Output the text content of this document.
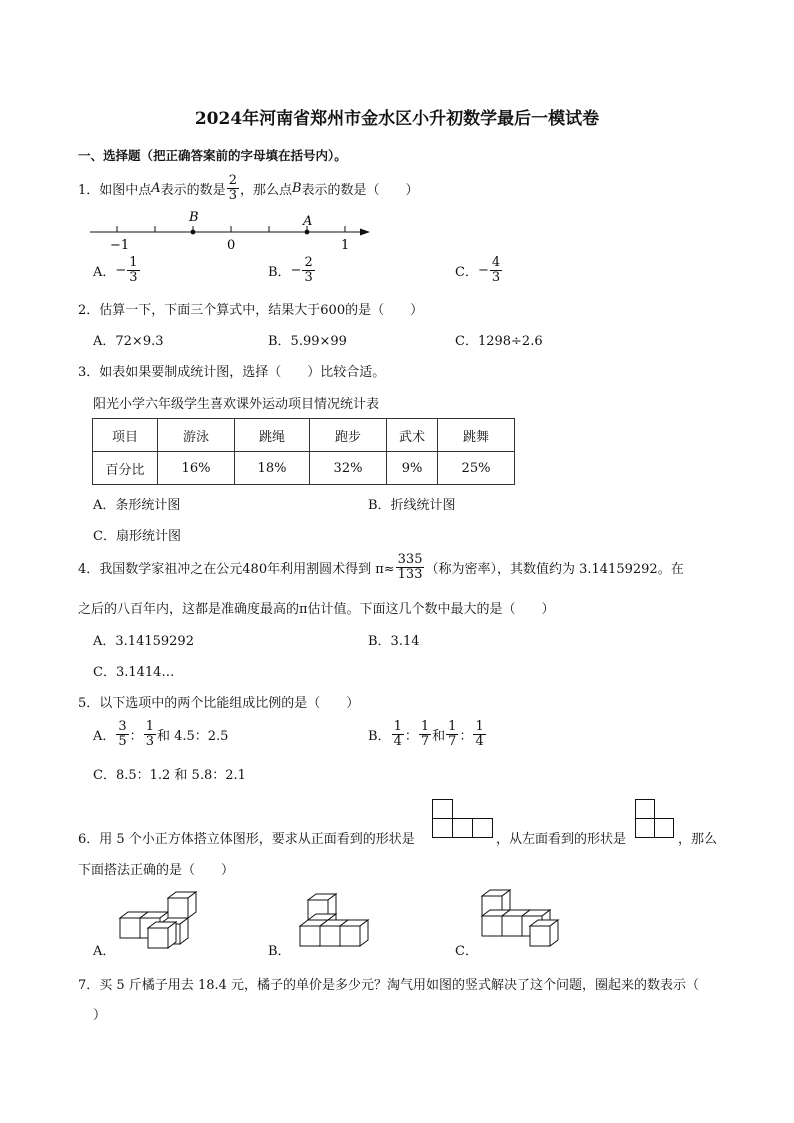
2024年河南省郑州市金水区小升初数学最后一模试卷
一、选择题（把正确答案前的字母填在括号内）。
1．如图中点 A 表示的数是 $\frac{2}{3}$ ，那么点 B 表示的数是（　　）
B	A
−1	0	1
A． − $\frac{1}{3}$	B． − $\frac{2}{3}$	C． − $\frac{4}{3}$
2．估算一下，下面三个算式中，结果大于600的是（　　）
A．72×9.3	B．5.99×99	C．1298÷2.6
3．如表如果要制成统计图，选择（　　）比较合适。
阳光小学六年级学生喜欢课外运动项目情况统计表
项目	游泳	跳绳	跑步	武术	跳舞
百分比	16%	18%	32%	9%	25%
A．条形统计图	B．折线统计图
C．扇形统计图
4．我国数学家祖冲之在公元480年利用割圆术得到 $\pi\approx \frac{335}{133}$ （称为密率），其数值约为 3.14159292。在
之后的八百年内，这都是准确度最高的π估计值。下面这几个数中最大的是（　　）
A．3.14159292	B．3.14
C．3.1414…
5．以下选项中的两个比能组成比例的是（　　）
A． $\frac{3}{5}$ ： $\frac{1}{3}$ 和 4.5：2.5	B． $\frac{1}{4}$ ： $\frac{1}{7}$ 和 $\frac{1}{7}$ ： $\frac{1}{4}$
C．8.5：1.2 和 5.8：2.1
6．用 5 个小正方体搭立体图形，要求从正面看到的形状是	，从左面看到的形状是	，那么
下面搭法正确的是（　　）
A．	B．	C．
7．买 5 斤橘子用去 18.4 元，橘子的单价是多少元？淘气用如图的竖式解决了这个问题，圈起来的数表示（
）
